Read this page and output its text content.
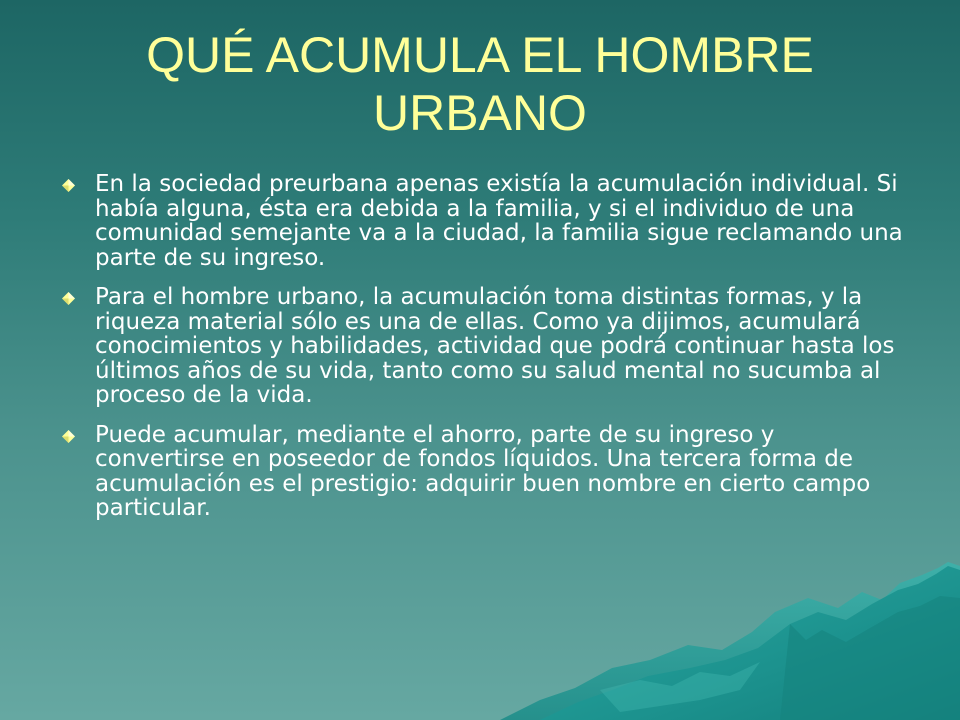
QUÉ ACUMULA EL HOMBRE URBANO
En la sociedad preurbana apenas existía la acumulación individual. Si había alguna, ésta era debida a la familia, y si el individuo de una comunidad semejante va a la ciudad, la familia sigue reclamando una parte de su ingreso.
Para el hombre urbano, la acumulación toma distintas formas, y la riqueza material sólo es una de ellas. Como ya dijimos, acumulará conocimientos y habilidades, actividad que podrá continuar hasta los últimos años de su vida, tanto como su salud mental no sucumba al proceso de la vida.
Puede acumular, mediante el ahorro, parte de su ingreso y convertirse en poseedor de fondos líquidos. Una tercera forma de acumulación es el prestigio: adquirir buen nombre en cierto campo particular.
